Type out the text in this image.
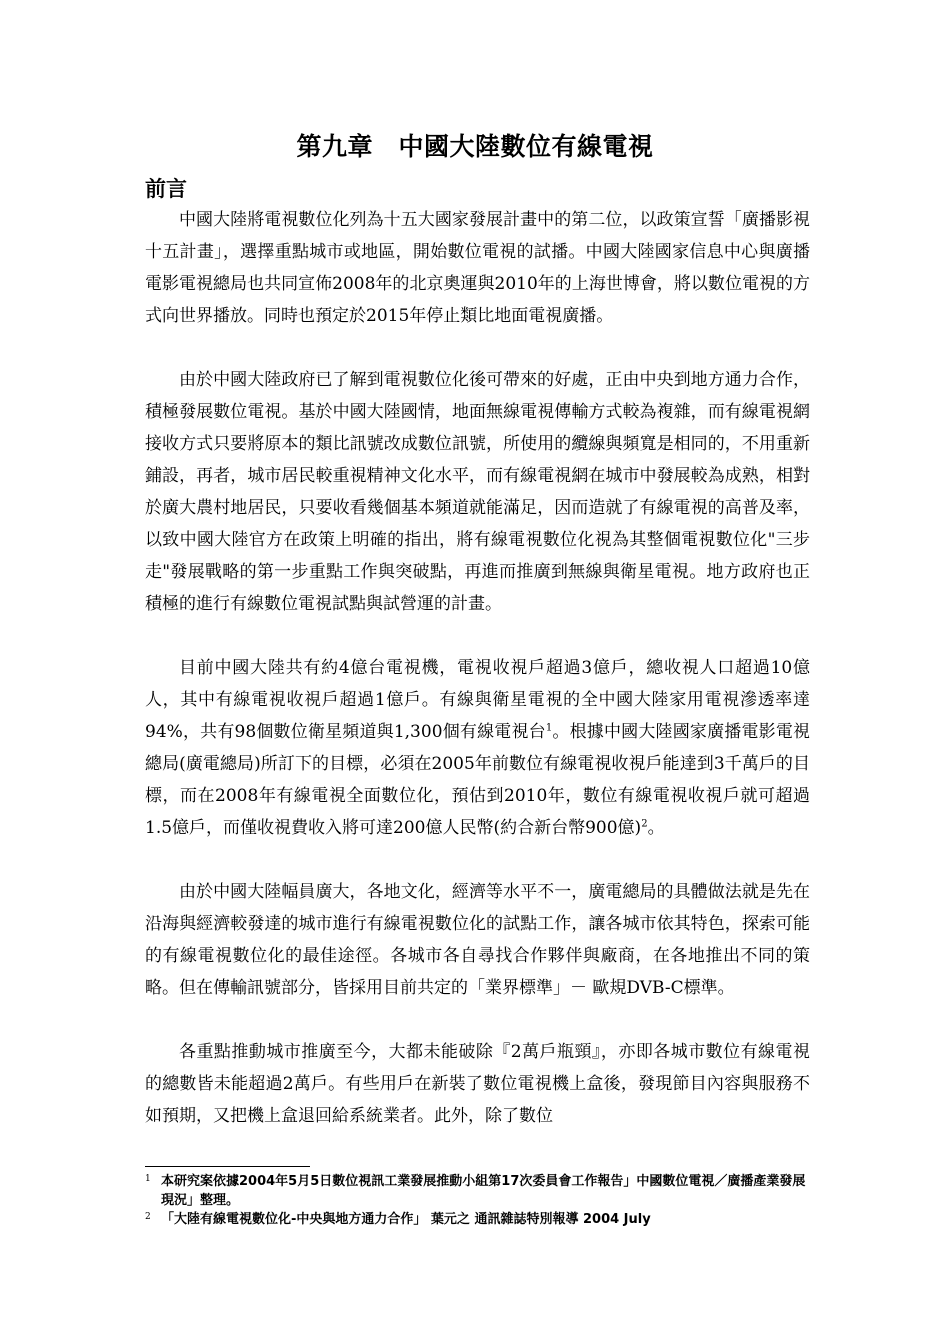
第九章　中國大陸數位有線電視
前言

中國大陸將電視數位化列為十五大國家發展計畫中的第二位，以政策宣誓「廣播影視十五計畫」，選擇重點城市或地區，開始數位電視的試播。中國大陸國家信息中心與廣播電影電視總局也共同宣佈2008年的北京奧運與2010年的上海世博會，將以數位電視的方式向世界播放。同時也預定於2015年停止類比地面電視廣播。

由於中國大陸政府已了解到電視數位化後可帶來的好處，正由中央到地方通力合作，積極發展數位電視。基於中國大陸國情，地面無線電視傳輸方式較為複雜，而有線電視網接收方式只要將原本的類比訊號改成數位訊號，所使用的纜線與頻寬是相同的，不用重新鋪設，再者，城市居民較重視精神文化水平，而有線電視網在城市中發展較為成熟，相對於廣大農村地居民，只要收看幾個基本頻道就能滿足，因而造就了有線電視的高普及率，以致中國大陸官方在政策上明確的指出，將有線電視數位化視為其整個電視數位化"三步走"發展戰略的第一步重點工作與突破點，再進而推廣到無線與衛星電視。地方政府也正積極的進行有線數位電視試點與試營運的計畫。

目前中國大陸共有約4億台電視機，電視收視戶超過3億戶，總收視人口超過10億人，其中有線電視收視戶超過1億戶。有線與衛星電視的全中國大陸家用電視滲透率達94%，共有98個數位衛星頻道與1,300個有線電視台$^1$。根據中國大陸國家廣播電影電視總局(廣電總局)所訂下的目標，必須在2005年前數位有線電視收視戶能達到3千萬戶的目標，而在2008年有線電視全面數位化，預估到2010年，數位有線電視收視戶就可超過1.5億戶，而僅收視費收入將可達200億人民幣(約合新台幣900億)$^2$。

由於中國大陸幅員廣大，各地文化，經濟等水平不一，廣電總局的具體做法就是先在沿海與經濟較發達的城市進行有線電視數位化的試點工作，讓各城市依其特色，探索可能的有線電視數位化的最佳途徑。各城市各自尋找合作夥伴與廠商，在各地推出不同的策略。但在傳輸訊號部分，皆採用目前共定的「業界標準」－ 歐規DVB-C標準。

各重點推動城市推廣至今，大都未能破除『2萬戶瓶頸』，亦即各城市數位有線電視的總數皆未能超過2萬戶。有些用戶在新裝了數位電視機上盒後，發現節目內容與服務不如預期，又把機上盒退回給系統業者。此外，除了數位

1 本研究案依據2004年5月5日數位視訊工業發展推動小組第17次委員會工作報告」中國數位電視／廣播產業發展現況」整理。

2 「大陸有線電視數位化-中央與地方通力合作」 葉元之 通訊雜誌特別報導 2004 July
